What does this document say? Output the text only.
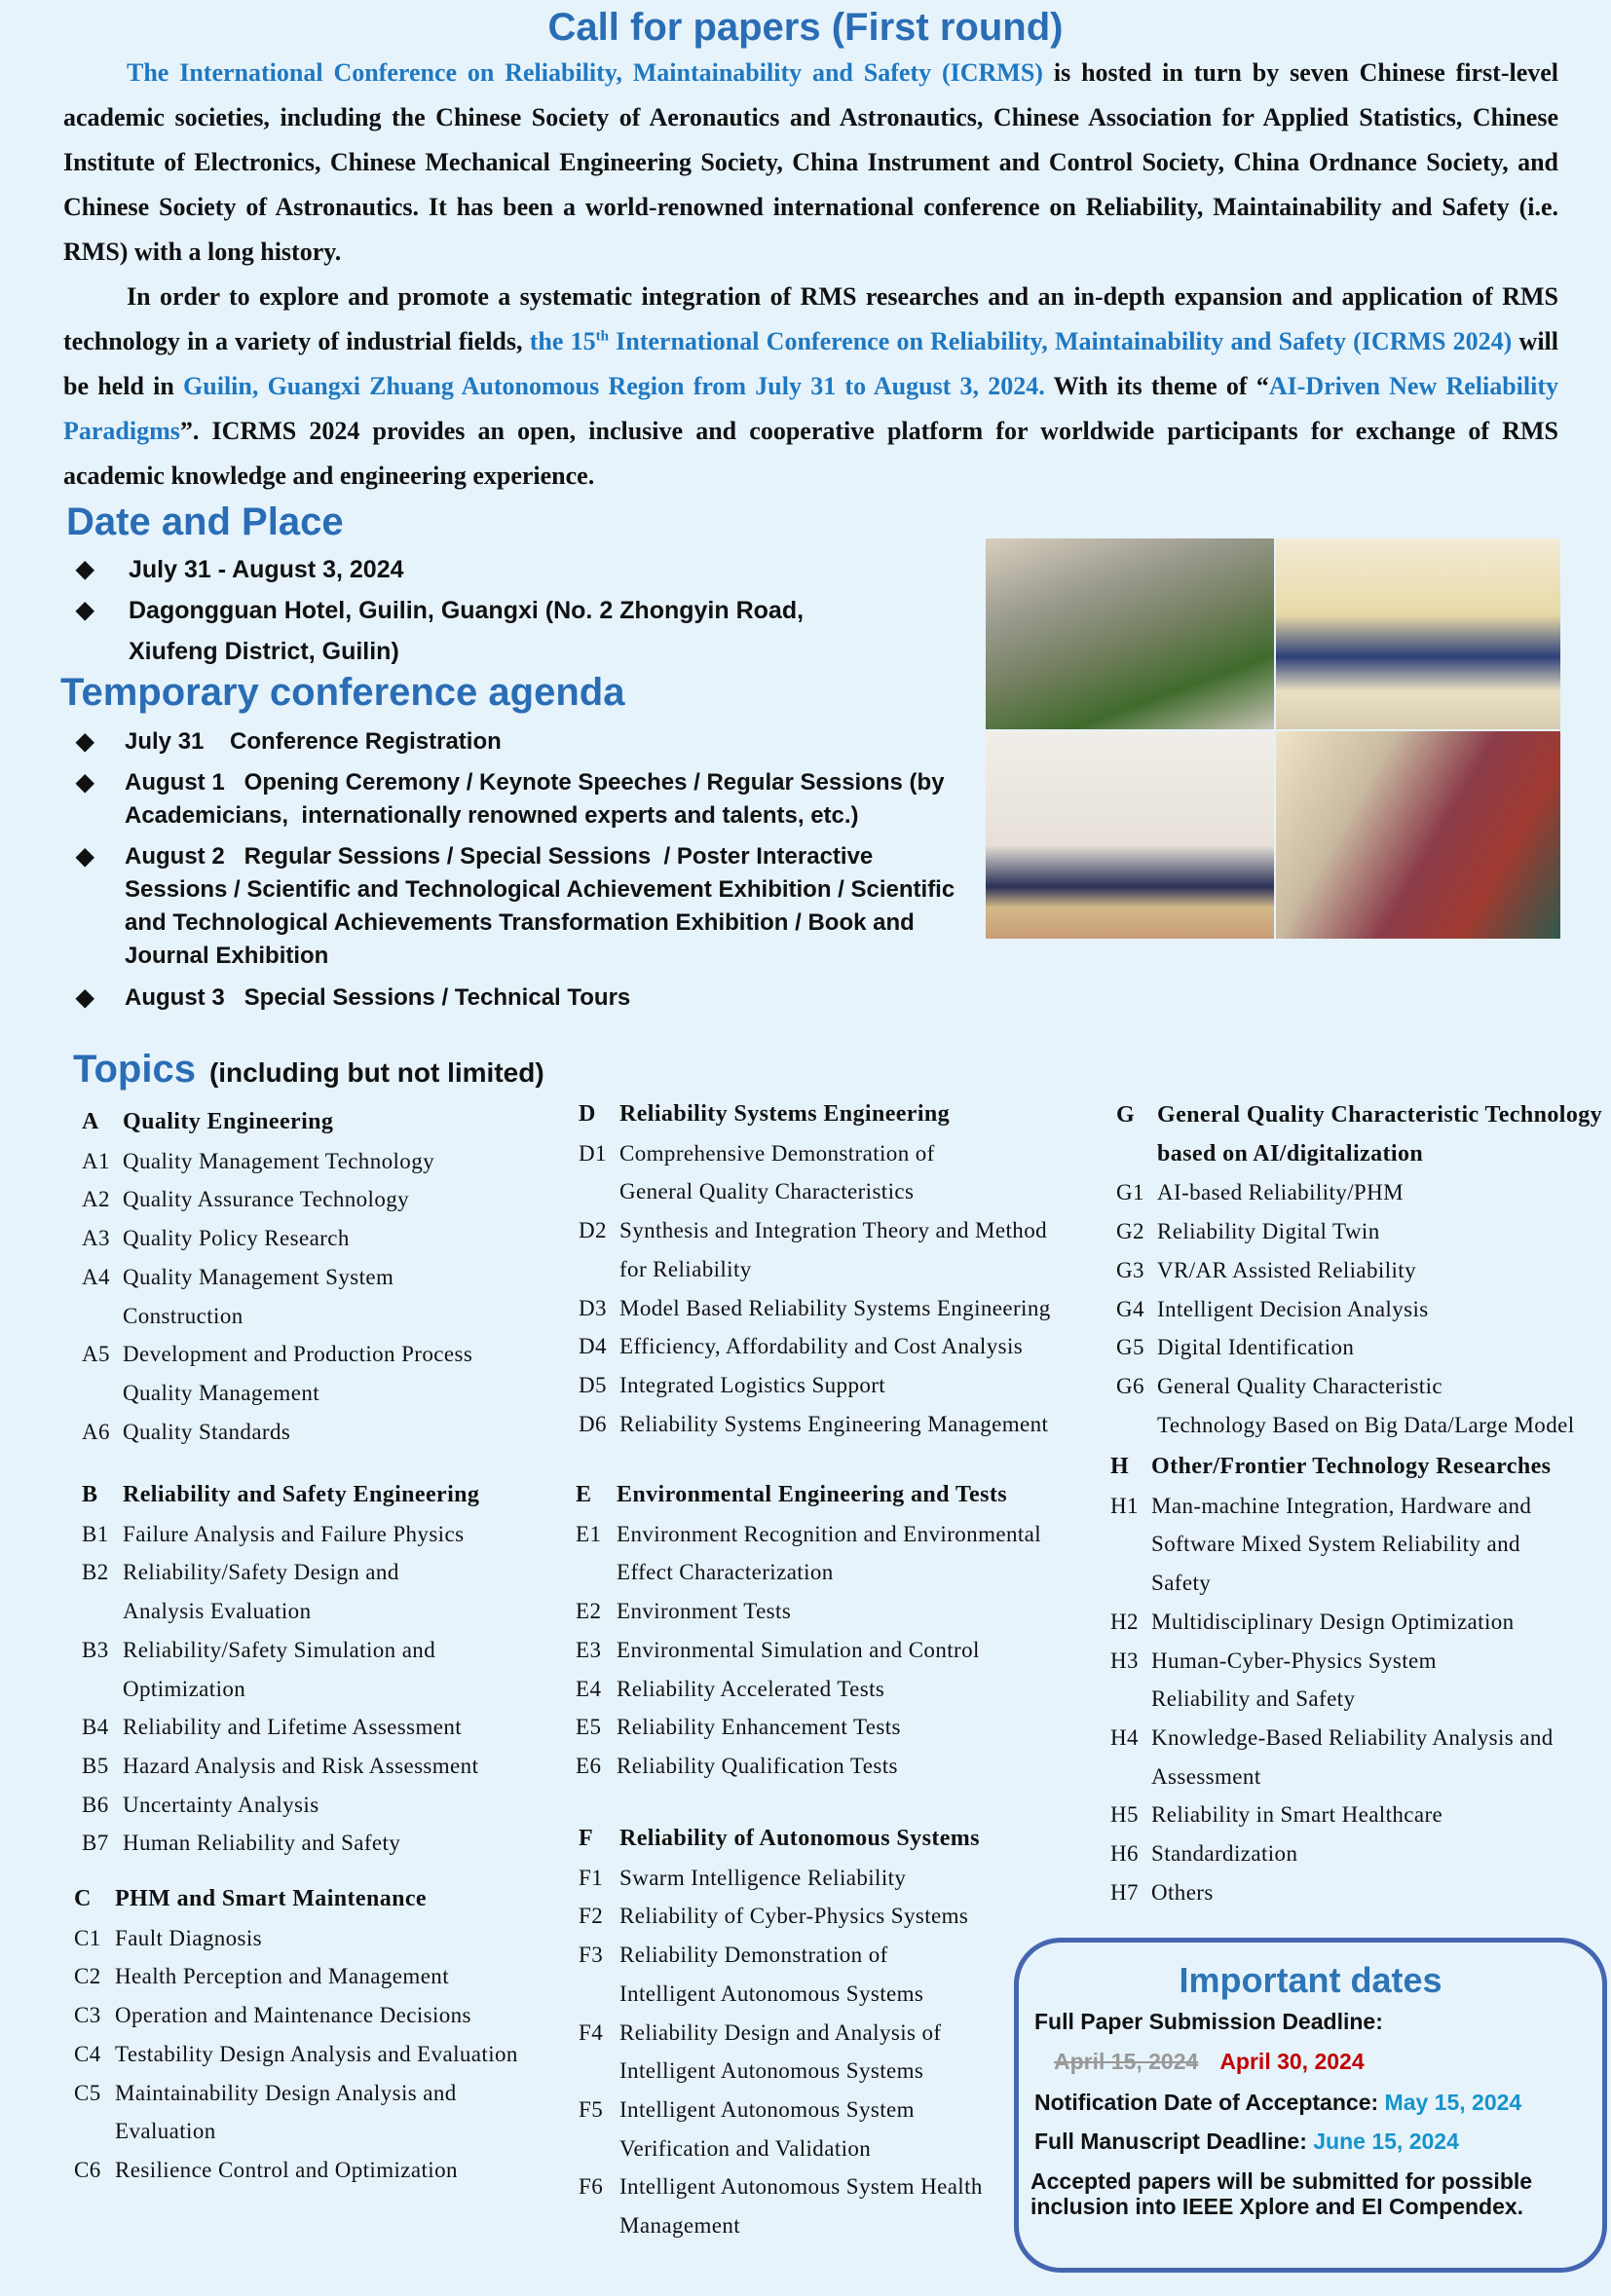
Call for papers (First round)

The International Conference on Reliability, Maintainability and Safety (ICRMS) is hosted in turn by seven Chinese first-level academic societies, including the Chinese Society of Aeronautics and Astronautics, Chinese Association for Applied Statistics, Chinese Institute of Electronics, Chinese Mechanical Engineering Society, China Instrument and Control Society, China Ordnance Society, and Chinese Society of Astronautics. It has been a world-renowned international conference on Reliability, Maintainability and Safety (i.e. RMS) with a long history.

In order to explore and promote a systematic integration of RMS researches and an in-depth expansion and application of RMS technology in a variety of industrial fields, the 15th International Conference on Reliability, Maintainability and Safety (ICRMS 2024) will be held in Guilin, Guangxi Zhuang Autonomous Region from July 31 to August 3, 2024. With its theme of “AI-Driven New Reliability Paradigms”. ICRMS 2024 provides an open, inclusive and cooperative platform for worldwide participants for exchange of RMS academic knowledge and engineering experience.

Date and Place
◆ July 31 - August 3, 2024
◆ Dagongguan Hotel, Guilin, Guangxi (No. 2 Zhongyin Road, Xiufeng District, Guilin)
Temporary conference agenda
◆ July 31    Conference Registration
◆ August 1   Opening Ceremony / Keynote Speeches / Regular Sessions (by Academicians,  internationally renowned experts and talents, etc.)
◆ August 2   Regular Sessions / Special Sessions  / Poster Interactive Sessions / Scientific and Technological Achievement Exhibition / Scientific and Technological Achievements Transformation Exhibition / Book and Journal Exhibition
◆ August 3   Special Sessions / Technical Tours
Topics (including but not limited)
A	Quality Engineering
A1 Quality Management Technology
A2 Quality Assurance Technology
A3 Quality Policy Research
A4 Quality Management System
Construction
A5 Development and Production Process
Quality Management
A6 Quality Standards
B	Reliability and Safety Engineering
B1 Failure Analysis and Failure Physics
B2 Reliability/Safety Design and
Analysis Evaluation
B3 Reliability/Safety Simulation and
Optimization
B4 Reliability and Lifetime Assessment
B5 Hazard Analysis and Risk Assessment
B6 Uncertainty Analysis
B7 Human Reliability and Safety
C	PHM and Smart Maintenance
C1 Fault Diagnosis
C2 Health Perception and Management
C3 Operation and Maintenance Decisions
C4 Testability Design Analysis and Evaluation
C5 Maintainability Design Analysis and
Evaluation
C6 Resilience Control and Optimization
D	Reliability Systems Engineering
D1 Comprehensive Demonstration of
General Quality Characteristics
D2 Synthesis and Integration Theory and Method
for Reliability
D3 Model Based Reliability Systems Engineering
D4 Efficiency, Affordability and Cost Analysis
D5 Integrated Logistics Support
D6 Reliability Systems Engineering Management
E	Environmental Engineering and Tests
E1 Environment Recognition and Environmental
Effect Characterization
E2 Environment Tests
E3 Environmental Simulation and Control
E4 Reliability Accelerated Tests
E5 Reliability Enhancement Tests
E6 Reliability Qualification Tests
F	Reliability of Autonomous Systems
F1 Swarm Intelligence Reliability
F2 Reliability of Cyber-Physics Systems
F3 Reliability Demonstration of
Intelligent Autonomous Systems
F4 Reliability Design and Analysis of
Intelligent Autonomous Systems
F5 Intelligent Autonomous System
Verification and Validation
F6 Intelligent Autonomous System Health
Management
G General Quality Characteristic Technology based on AI/digitalization
G1 AI-based Reliability/PHM
G2 Reliability Digital Twin
G3 VR/AR Assisted Reliability
G4 Intelligent Decision Analysis
G5 Digital Identification
G6 General Quality Characteristic
Technology Based on Big Data/Large Model
H Other/Frontier Technology Researches
H1 Man-machine Integration, Hardware and
Software Mixed System Reliability and
Safety
H2 Multidisciplinary Design Optimization
H3 Human-Cyber-Physics System
Reliability and Safety
H4 Knowledge-Based Reliability Analysis and
Assessment
H5 Reliability in Smart Healthcare
H6 Standardization
H7 Others
Important dates
Full Paper Submission Deadline:
April 15, 2024 April 30, 2024
Notification Date of Acceptance: May 15, 2024
Full Manuscript Deadline: June 15, 2024
Accepted papers will be submitted for possible
inclusion into IEEE Xplore and EI Compendex.
